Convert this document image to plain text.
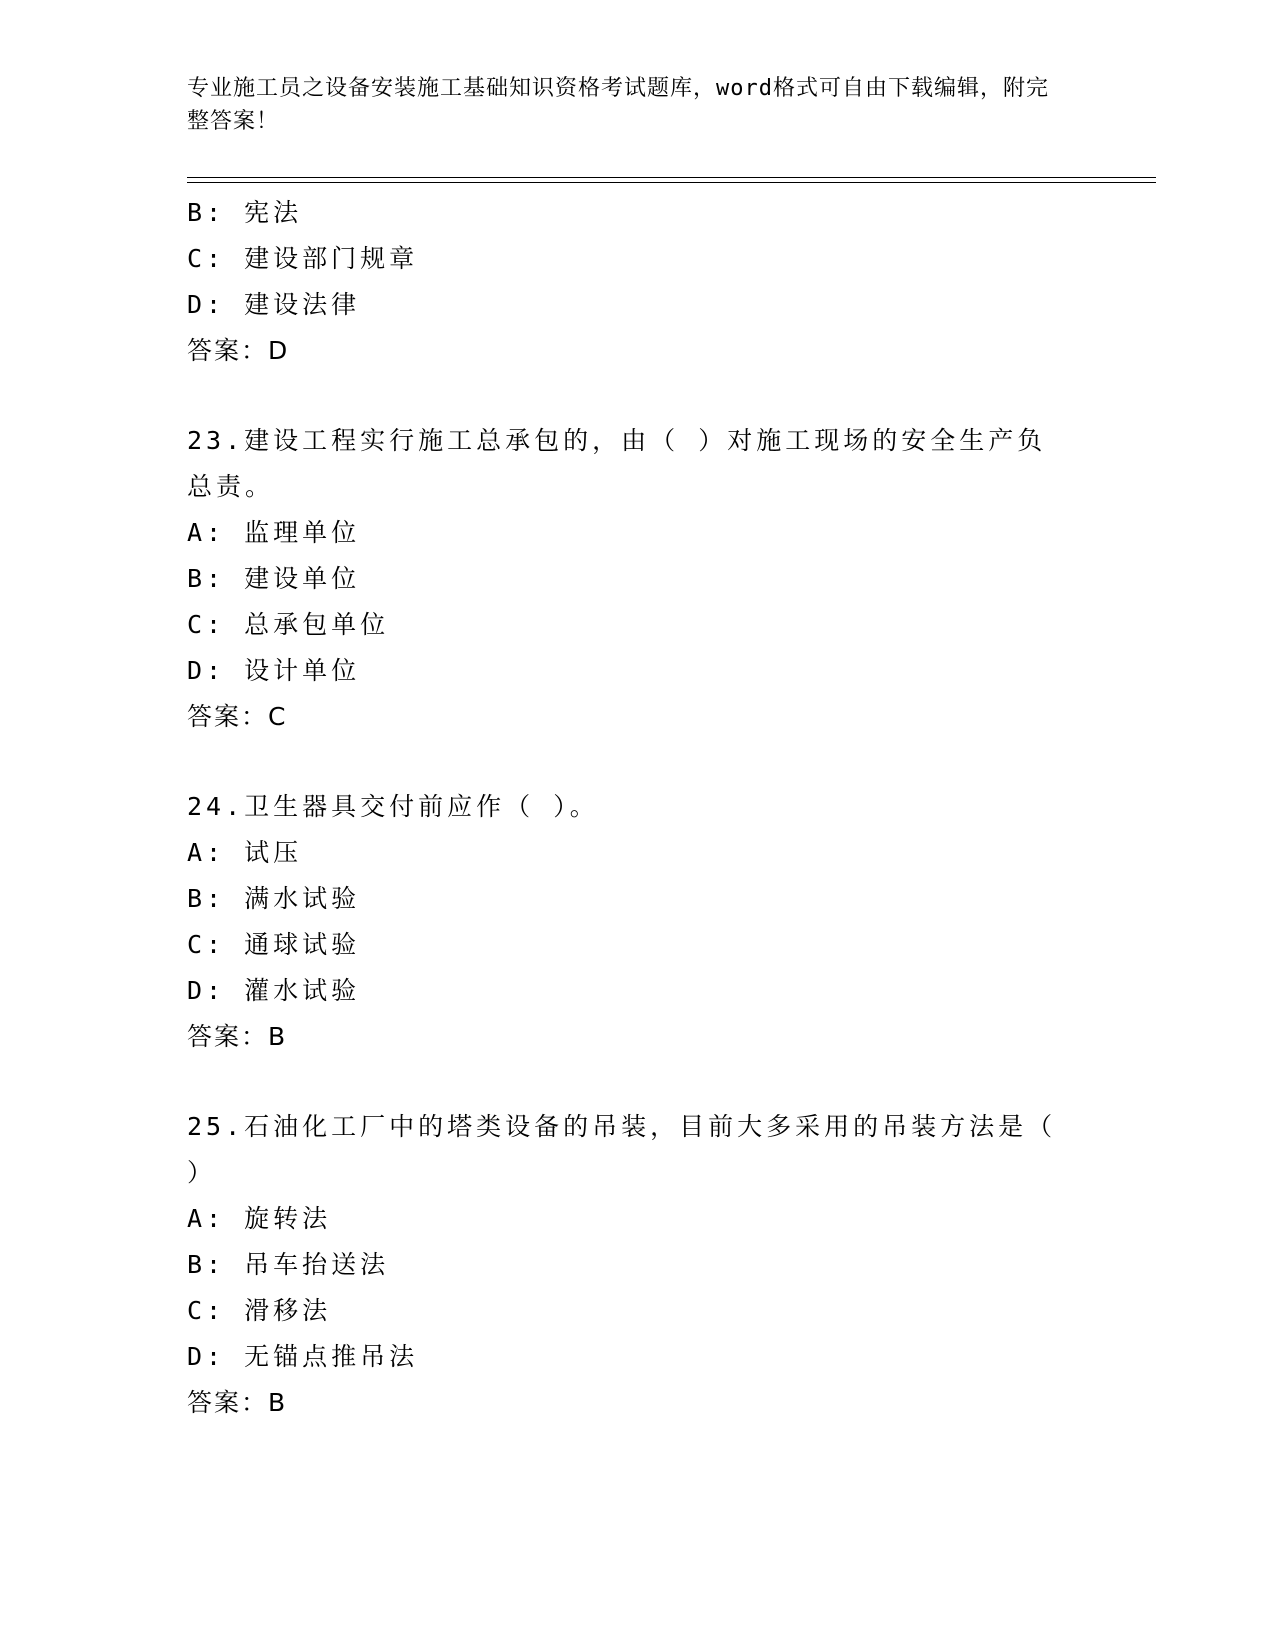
专业施工员之设备安装施工基础知识资格考试题库，word格式可自由下载编辑，附完整答案！
B: 宪法
C: 建设部门规章
D: 建设法律
答案：D
23.建设工程实行施工总承包的，由（ ）对施工现场的安全生产负总责。
A: 监理单位
B: 建设单位
C: 总承包单位
D: 设计单位
答案：C
24.卫生器具交付前应作（ ）。
A: 试压
B: 满水试验
C: 通球试验
D: 灌水试验
答案：B
25.石油化工厂中的塔类设备的吊装，目前大多采用的吊装方法是（ ）
A: 旋转法
B: 吊车抬送法
C: 滑移法
D: 无锚点推吊法
答案：B
